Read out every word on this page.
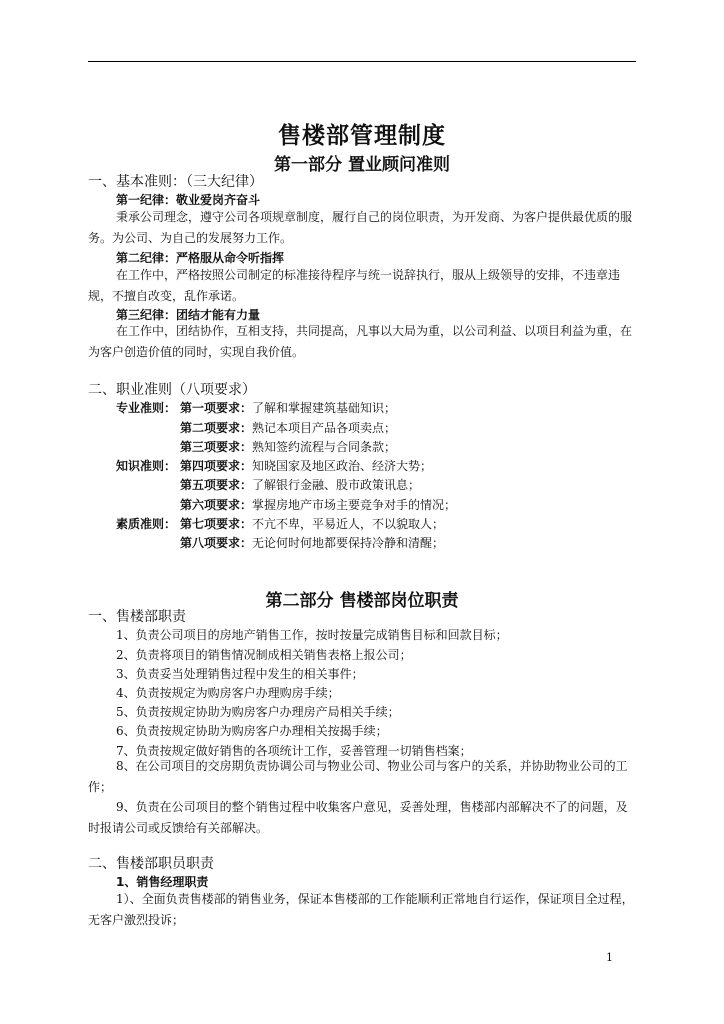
售楼部管理制度
第一部分 置业顾问准则
一、基本准则：（三大纪律）
第一纪律：敬业爱岗齐奋斗
秉承公司理念，遵守公司各项规章制度，履行自己的岗位职责，为开发商、为客户提供最优质的服务。为公司、为自己的发展努力工作。
第二纪律：严格服从命令听指挥
在工作中，严格按照公司制定的标准接待程序与统一说辞执行，服从上级领导的安排，不违章违规，不擅自改变，乱作承诺。
第三纪律：团结才能有力量
在工作中，团结协作，互相支持，共同提高，凡事以大局为重，以公司利益、以项目利益为重，在为客户创造价值的同时，实现自我价值。
二、职业准则（八项要求）
专业准则： 第一项要求：了解和掌握建筑基础知识；
第二项要求：熟记本项目产品各项卖点；
第三项要求：熟知签约流程与合同条款；
知识准则： 第四项要求：知晓国家及地区政治、经济大势；
第五项要求：了解银行金融、股市政策讯息；
第六项要求：掌握房地产市场主要竞争对手的情况；
素质准则： 第七项要求：不亢不卑，平易近人，不以貌取人；
第八项要求：无论何时何地都要保持冷静和清醒；
第二部分 售楼部岗位职责
一、售楼部职责
1、负责公司项目的房地产销售工作，按时按量完成销售目标和回款目标；
2、负责将项目的销售情况制成相关销售表格上报公司；
3、负责妥当处理销售过程中发生的相关事件；
4、负责按规定为购房客户办理购房手续；
5、负责按规定协助为购房客户办理房产局相关手续；
6、负责按规定协助为购房客户办理相关按揭手续；
7、负责按规定做好销售的各项统计工作，妥善管理一切销售档案；
8、在公司项目的交房期负责协调公司与物业公司、物业公司与客户的关系，并协助物业公司的工作；
9、负责在公司项目的整个销售过程中收集客户意见，妥善处理，售楼部内部解决不了的问题，及时报请公司或反馈给有关部解决。
二、售楼部职员职责
1、销售经理职责
1）、全面负责售楼部的销售业务，保证本售楼部的工作能顺利正常地自行运作，保证项目全过程，无客户激烈投诉；
1
